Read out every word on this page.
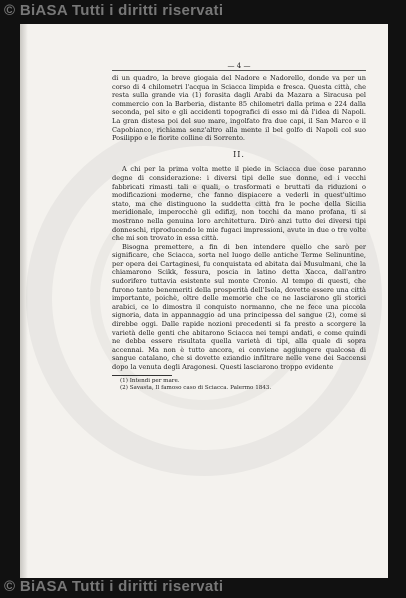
© BiASA Tutti i diritti riservati
— 4 —

di un quadro, la breve giogaia del Nadore e Nadorello, donde va per un corso di 4 chilometri l'acqua in Sciacca limpida e fresca. Questa città, che resta sulla grande via (1) forasita dagli Arabi da Mazara a Siracusa pel commercio con la Barberia, distante 85 chilometri dalla prima e 224 dalla seconda, pel sito e gli accidenti topografici di esso mi dà l'idea di Napoli. La gran distesa poi del suo mare, ingolfato fra due capi, il San Marco e il Capobianco, richiama senz'altro alla mente il bel golfo di Napoli col suo Posilippo e le fiorite colline di Sorrento.

II.

A chi per la prima volta mette il piede in Sciacca due cose paranno degne di considerazione: i diversi tipi delle sue donne, ed i vecchi fabbricati rimasti tali e quali, o trasformati e bruttati da riduzioni o modificazioni moderne, che fanno dispiacere a vederli in quest'ultimo stato, ma che distinguono la suddetta città fra le poche della Sicilia meridionale, imperocchè gli edifizj, non tocchi da mano profana, ti si mostrano nella genuina loro architettura. Dirò anzi tutto dei diversi tipi donneschi, riproducendo le mie fugaci impressioni, avute in due o tre volte che mi son trovato in essa città.

Bisogna premettere, a fin di ben intendere quello che sarò per significare, che Sciacca, sorta nel luogo delle antiche Terme Selinuntine, per opera dei Cartaginesi, fu conquistata ed abitata dai Musulmani, che la chiamarono Scikk, fessura, poscia in latino detta Xacca, dall'antro sudorifero tuttavia esistente sul monte Cronio. Al tempo di questi, che furono tanto benemeriti della prosperità dell'Isola, dovette essere una città importante, poichè, oltre delle memorie che ce ne lasciarono gli storici arabici, ce lo dimostra il conquisto normanno, che ne fece una piccola signoria, data in appannaggio ad una principessa del sangue (2), come si direbbe oggi. Dalle rapide nozioni precedenti si fa presto a scorgere la varietà delle genti che abitarono Sciacca nei tempi andati, e come quindi ne debba essere risultata quella varietà di tipi, alla quale di sopra accennai. Ma non è tutto ancora, ei conviene aggiungere qualcosa di sangue catalano, che si dovette eziandio infiltrare nelle vene dei Saccensi dopo la venuta degli Aragonesi. Questi lasciarono troppo evidente

(1) Intendi per mare.

(2) Savasta, Il famoso caso di Sciacca. Palermo 1843.

© BiASA Tutti i diritti riservati
